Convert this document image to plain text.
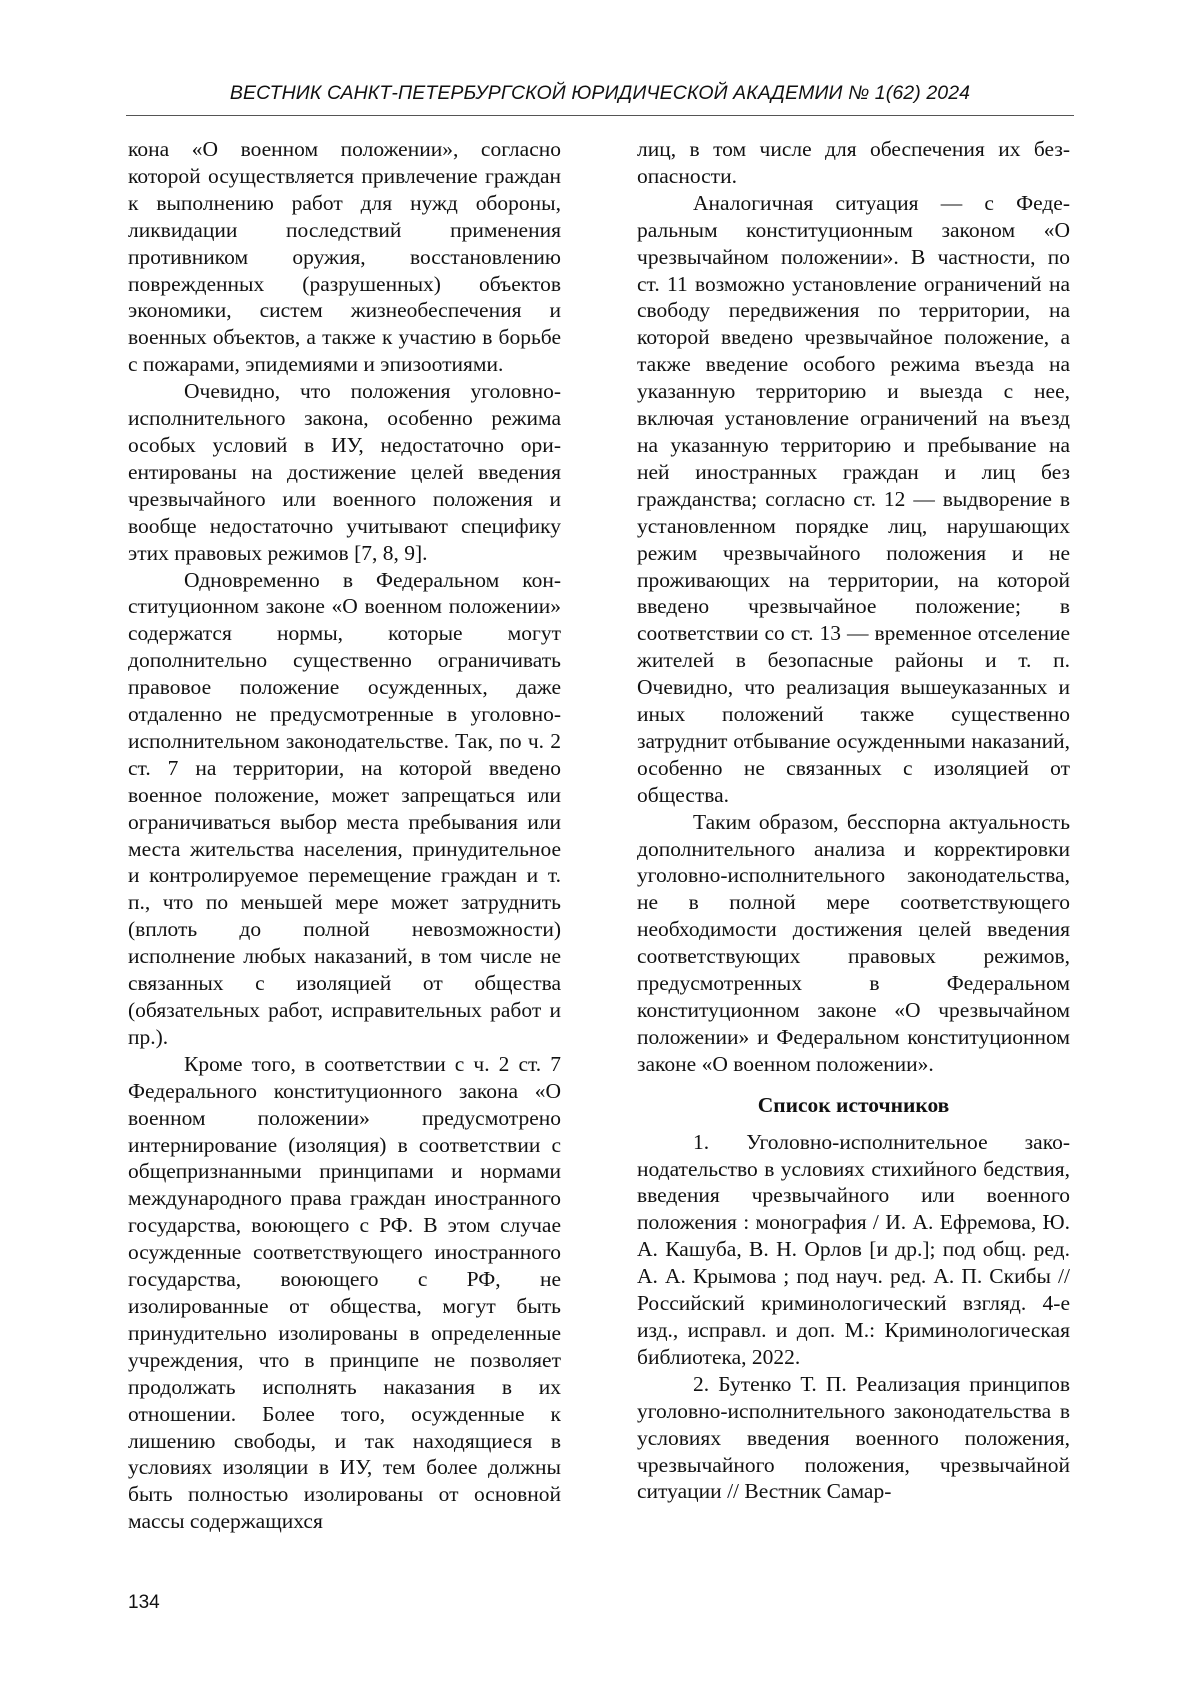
ВЕСТНИК САНКТ-ПЕТЕРБУРГСКОЙ ЮРИДИЧЕСКОЙ АКАДЕМИИ № 1(62) 2024

кона «О военном положении», согласно которой осуществляется привлечение граждан к выполнению работ для нужд обороны, ликвидации последствий применения противником оружия, восстановлению поврежденных (разрушенных) объектов экономики, систем жизнеобеспечения и военных объектов, а также к участию в борьбе с пожарами, эпидемиями и эпизоотиями.

Очевидно, что положения уголовно-исполнительного закона, особенно режима особых условий в ИУ, недостаточно ориентированы на достижение целей введения чрезвычайного или военного положения и вообще недостаточно учитывают специфику этих правовых режимов [7, 8, 9].

Одновременно в Федеральном конституционном законе «О военном положении» содержатся нормы, которые могут дополнительно существенно ограничивать правовое положение осужденных, даже отдаленно не предусмотренные в уголовно-исполнительном законодательстве. Так, по ч. 2 ст. 7 на территории, на которой введено военное положение, может запрещаться или ограничиваться выбор места пребывания или места жительства населения, принудительное и контролируемое перемещение граждан и т. п., что по меньшей мере может затруднить (вплоть до полной невозможности) исполнение любых наказаний, в том числе не связанных с изоляцией от общества (обязательных работ, исправительных работ и пр.).

Кроме того, в соответствии с ч. 2 ст. 7 Федерального конституционного закона «О военном положении» предусмотрено интернирование (изоляция) в соответствии с общепризнанными принципами и нормами международного права граждан иностранного государства, воюющего с РФ. В этом случае осужденные соответствующего иностранного государства, воюющего с РФ, не изолированные от общества, могут быть принудительно изолированы в определенные учреждения, что в принципе не позволяет продолжать исполнять наказания в их отношении. Более того, осужденные к лишению свободы, и так находящиеся в условиях изоляции в ИУ, тем более должны быть полностью изолированы от основной массы содержащихся

лиц, в том числе для обеспечения их безопасности.

Аналогичная ситуация — с Федеральным конституционным законом «О чрезвычайном положении». В частности, по ст. 11 возможно установление ограничений на свободу передвижения по территории, на которой введено чрезвычайное положение, а также введение особого режима въезда на указанную территорию и выезда с нее, включая установление ограничений на въезд на указанную территорию и пребывание на ней иностранных граждан и лиц без гражданства; согласно ст. 12 — выдворение в установленном порядке лиц, нарушающих режим чрезвычайного положения и не проживающих на территории, на которой введено чрезвычайное положение; в соответствии со ст. 13 — временное отселение жителей в безопасные районы и т. п. Очевидно, что реализация вышеуказанных и иных положений также существенно затруднит отбывание осужденными наказаний, особенно не связанных с изоляцией от общества.

Таким образом, бесспорна актуальность дополнительного анализа и корректировки уголовно-исполнительного законодательства, не в полной мере соответствующего необходимости достижения целей введения соответствующих правовых режимов, предусмотренных в Федеральном конституционном законе «О чрезвычайном положении» и Федеральном конституционном законе «О военном положении».

Список источников

1. Уголовно-исполнительное законодательство в условиях стихийного бедствия, введения чрезвычайного или военного положения : монография / И. А. Ефремова, Ю. А. Кашуба, В. Н. Орлов [и др.]; под общ. ред. А. А. Крымова ; под науч. ред. А. П. Скибы // Российский криминологический взгляд. 4-е изд., исправл. и доп. М.: Криминологическая библиотека, 2022.

2. Бутенко Т. П. Реализация принципов уголовно-исполнительного законодательства в условиях введения военного положения, чрезвычайного положения, чрезвычайной ситуации // Вестник Самар-

134
